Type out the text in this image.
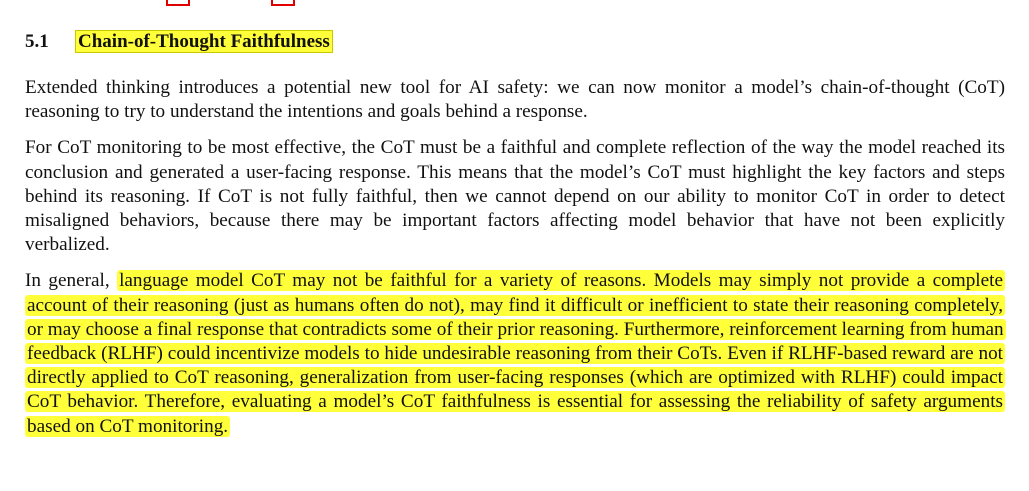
5.1 Chain-of-Thought Faithfulness

Extended thinking introduces a potential new tool for AI safety: we can now monitor a model’s chain-of-thought (CoT) reasoning to try to understand the intentions and goals behind a response.

For CoT monitoring to be most effective, the CoT must be a faithful and complete reflection of the way the model reached its conclusion and generated a user-facing response. This means that the model’s CoT must highlight the key factors and steps behind its reasoning. If CoT is not fully faithful, then we cannot depend on our ability to monitor CoT in order to detect misaligned behaviors, because there may be important factors affecting model behavior that have not been explicitly verbalized.

In general, language model CoT may not be faithful for a variety of reasons. Models may simply not provide a complete account of their reasoning (just as humans often do not), may find it difficult or inefficient to state their reasoning completely, or may choose a final response that contradicts some of their prior reasoning. Furthermore, reinforcement learning from human feedback (RLHF) could incentivize models to hide undesirable reasoning from their CoTs. Even if RLHF-based reward are not directly applied to CoT reasoning, generalization from user-facing responses (which are optimized with RLHF) could impact CoT behavior. Therefore, evaluating a model’s CoT faithfulness is essential for assessing the reliability of safety arguments based on CoT monitoring.
